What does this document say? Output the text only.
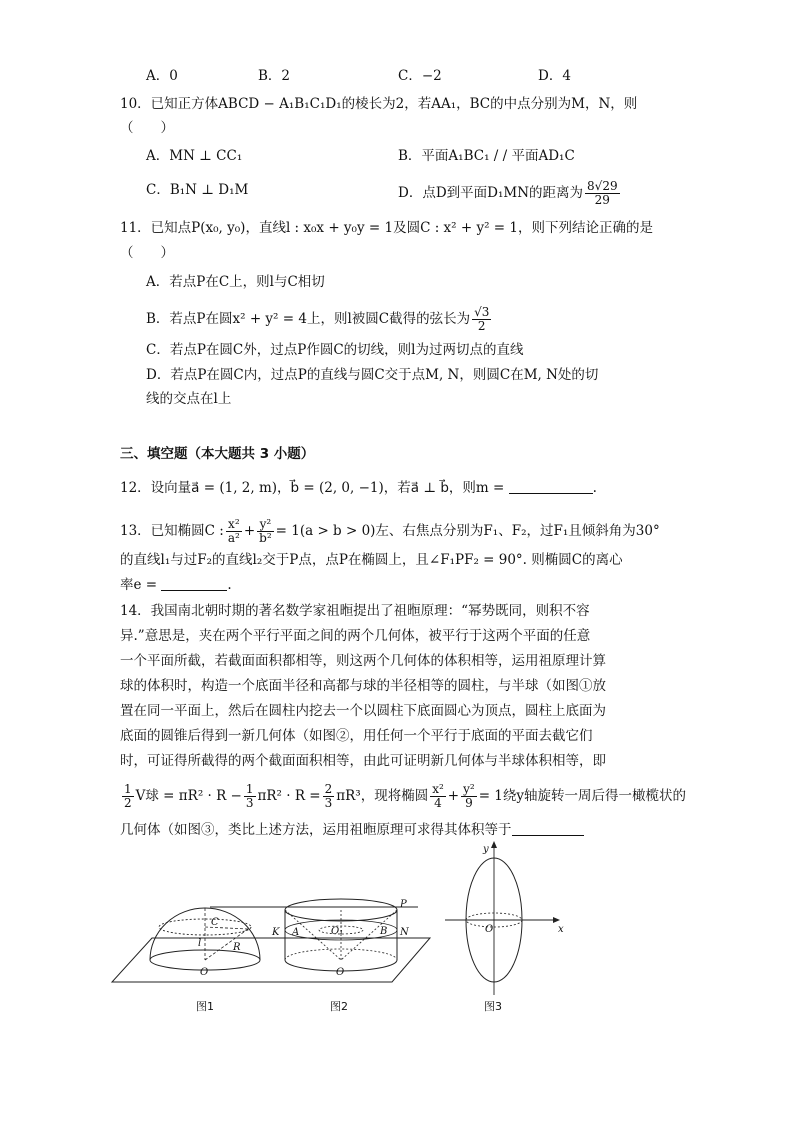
A．0	B．2	C．−2	D．4
10．已知正方体ABCD − A₁B₁C₁D₁的棱长为2，若AA₁，BC的中点分别为M，N，则
（　　）
A．MN ⊥ CC₁	B．平面A₁BC₁ / / 平面AD₁C
C．B₁N ⊥ D₁M	D．点D到平面D₁MN的距离为 $\frac{8√29}{29}$
11．已知点P(x₀, y₀)，直线l : x₀x + y₀y = 1及圆C : x² + y² = 1，则下列结论正确的是
（　　）
A．若点P在C上，则l与C相切
B．若点P在圆x² + y² = 4上，则l被圆C截得的弦长为 $\frac{√3}{2}$
C．若点P在圆C外，过点P作圆C的切线，则l为过两切点的直线
D．若点P在圆C内，过点P的直线与圆C交于点M, N，则圆C在M, N处的切
线的交点在l上
三、填空题（本大题共 3 小题）
12．设向量a⃗ = (1, 2, m)，b⃗ = (2, 0, −1)，若a⃗ ⊥ b⃗，则m =	.
13．已知椭圆C : $\frac{\text{x²}}{\text{a²}} + \frac{\text{y²}}{\text{b²}} = 1(a > b > 0)$左、右焦点分别为F₁、F₂，过F₁且倾斜角为30°
的直线l₁与过F₂的直线l₂交于P点，点P在椭圆上，且∠F₁PF₂ = 90°. 则椭圆C的离心
率e =	.
14．我国南北朝时期的著名数学家祖暅提出了祖暅原理：“幂势既同，则积不容
异.”意思是，夹在两个平行平面之间的两个几何体，被平行于这两个平面的任意
一个平面所截，若截面面积都相等，则这两个几何体的体积相等，运用祖原理计算
球的体积时，构造一个底面半径和高都与球的半径相等的圆柱，与半球（如图①放
置在同一平面上，然后在圆柱内挖去一个以圆柱下底面圆心为顶点，圆柱上底面为
底面的圆锥后得到一新几何体（如图②，用任何一个平行于底面的平面去截它们
时，可证得所截得的两个截面面积相等，由此可证明新几何体与半球体积相等，即
$\frac{1}{2}$ V球 = $\pi R^2 \cdot R - \frac{1}{3} \pi R^2 \cdot R = \frac{2}{3} \pi R^3$，现将椭圆 $\frac{\text{x²}}{4} + \frac{\text{y²}}{9} = 1$绕y轴旋转一周后得一橄榄状的
几何体（如图③，类比上述方法，运用祖暅原理可求得其体积等于
C
l	R
O
P
K A	O₁	B N
O
y
x
O
图1	图2	图3
